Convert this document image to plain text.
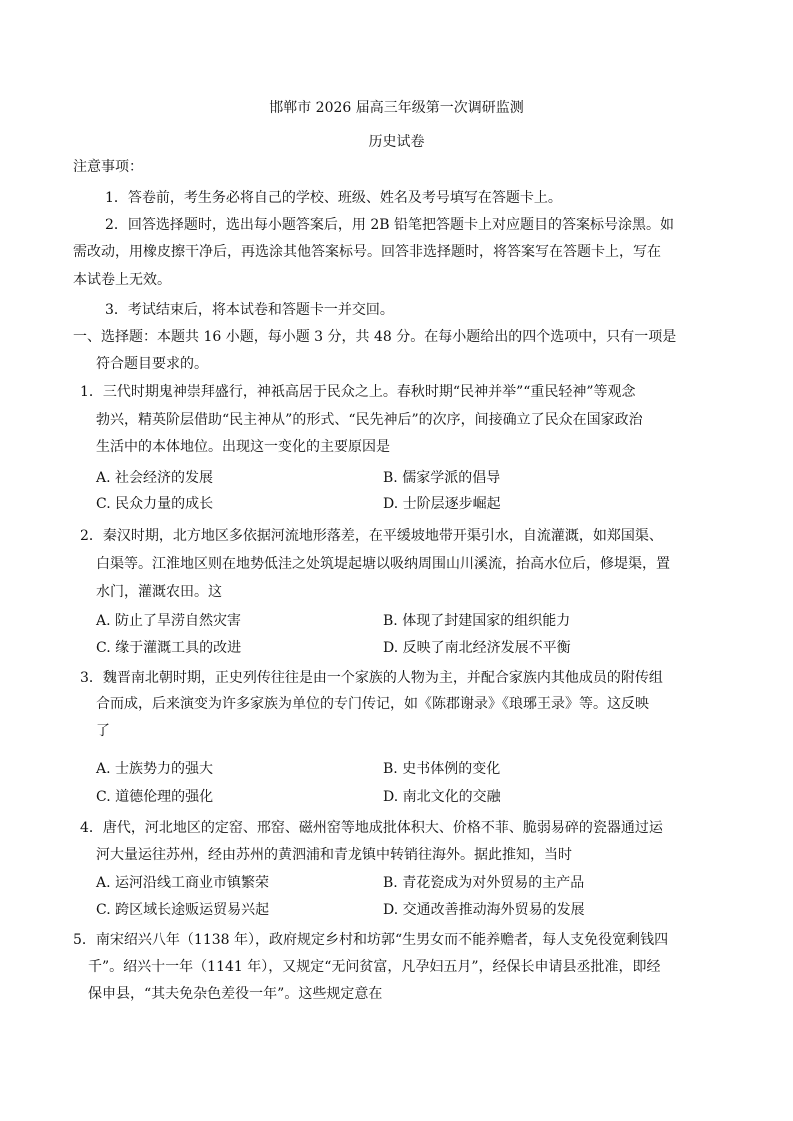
邯郸市 2026 届高三年级第一次调研监测
历史试卷
注意事项：
1．答卷前，考生务必将自己的学校、班级、姓名及考号填写在答题卡上。
2．回答选择题时，选出每小题答案后，用 2B 铅笔把答题卡上对应题目的答案标号涂黑。如
需改动，用橡皮擦干净后，再选涂其他答案标号。回答非选择题时，将答案写在答题卡上，写在
本试卷上无效。
3．考试结束后，将本试卷和答题卡一并交回。
一、选择题：本题共 16 小题，每小题 3 分，共 48 分。在每小题给出的四个选项中，只有一项是
符合题目要求的。
1．三代时期鬼神崇拜盛行，神祇高居于民众之上。春秋时期“民神并举”“重民轻神”等观念
勃兴，精英阶层借助“民主神从”的形式、“民先神后”的次序，间接确立了民众在国家政治
生活中的本体地位。出现这一变化的主要原因是
A. 社会经济的发展	B. 儒家学派的倡导
C. 民众力量的成长	D. 士阶层逐步崛起
2．秦汉时期，北方地区多依据河流地形落差，在平缓坡地带开渠引水，自流灌溉，如郑国渠、
白渠等。江淮地区则在地势低洼之处筑堤起塘以吸纳周围山川溪流，抬高水位后，修堤渠，置
水门，灌溉农田。这
A. 防止了旱涝自然灾害	B. 体现了封建国家的组织能力
C. 缘于灌溉工具的改进	D. 反映了南北经济发展不平衡
3．魏晋南北朝时期，正史列传往往是由一个家族的人物为主，并配合家族内其他成员的附传组
合而成，后来演变为许多家族为单位的专门传记，如《陈郡谢录》《琅琊王录》等。这反映
了
A. 士族势力的强大	B. 史书体例的变化
C. 道德伦理的强化	D. 南北文化的交融
4．唐代，河北地区的定窑、邢窑、磁州窑等地成批体积大、价格不菲、脆弱易碎的瓷器通过运
河大量运往苏州，经由苏州的黄泗浦和青龙镇中转销往海外。据此推知，当时
A. 运河沿线工商业市镇繁荣	B. 青花瓷成为对外贸易的主产品
C. 跨区域长途贩运贸易兴起	D. 交通改善推动海外贸易的发展
5．南宋绍兴八年（1138 年），政府规定乡村和坊郭“生男女而不能养赡者，每人支免役宽剩钱四
千”。绍兴十一年（1141 年），又规定“无问贫富，凡孕妇五月”，经保长申请县丞批准，即经
保申县，“其夫免杂色差役一年”。这些规定意在
